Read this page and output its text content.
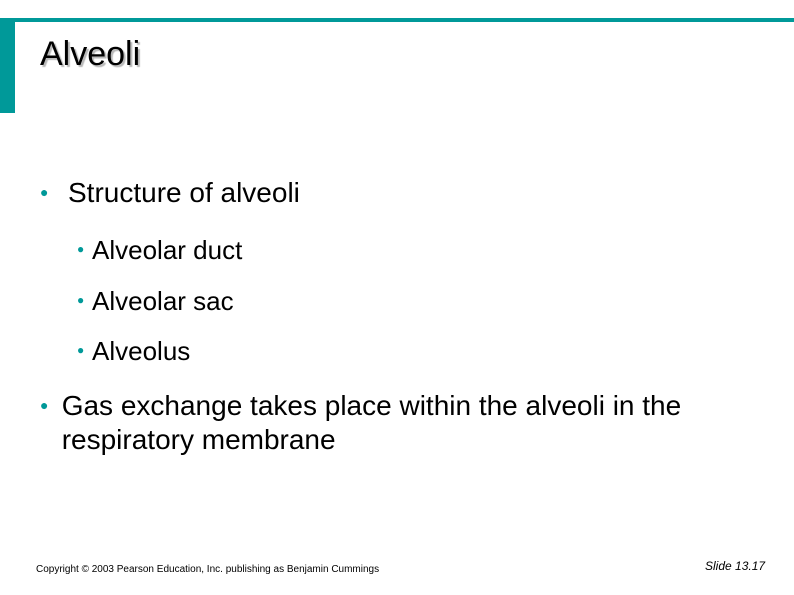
Alveoli
● Structure of alveoli
● Alveolar duct
● Alveolar sac
● Alveolus
● Gas exchange takes place within the alveoli in the respiratory membrane
Copyright © 2003 Pearson Education, Inc. publishing as Benjamin Cummings	Slide 13.17
